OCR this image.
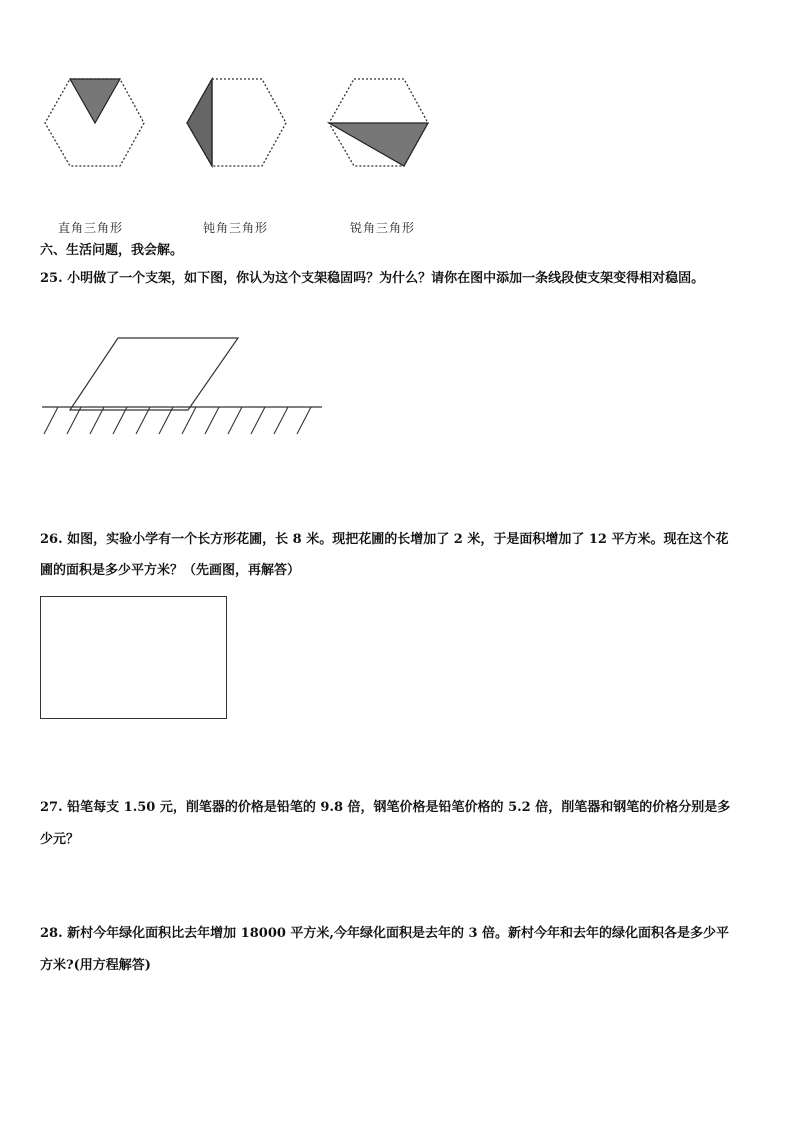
直角三角形	钝角三角形	锐角三角形
六、生活问题，我会解。
25. 小明做了一个支架，如下图，你认为这个支架稳固吗？为什么？请你在图中添加一条线段使支架变得相对稳固。
26. 如图，实验小学有一个长方形花圃，长 8 米。现把花圃的长增加了 2 米，于是面积增加了 12 平方米。现在这个花
圃的面积是多少平方米？（先画图，再解答）
27. 铅笔每支 1.50 元，削笔器的价格是铅笔的 9.8 倍，钢笔价格是铅笔价格的 5.2 倍，削笔器和钢笔的价格分别是多
少元？
28. 新村今年绿化面积比去年增加 18000 平方米,今年绿化面积是去年的 3 倍。新村今年和去年的绿化面积各是多少平
方米?(用方程解答)
